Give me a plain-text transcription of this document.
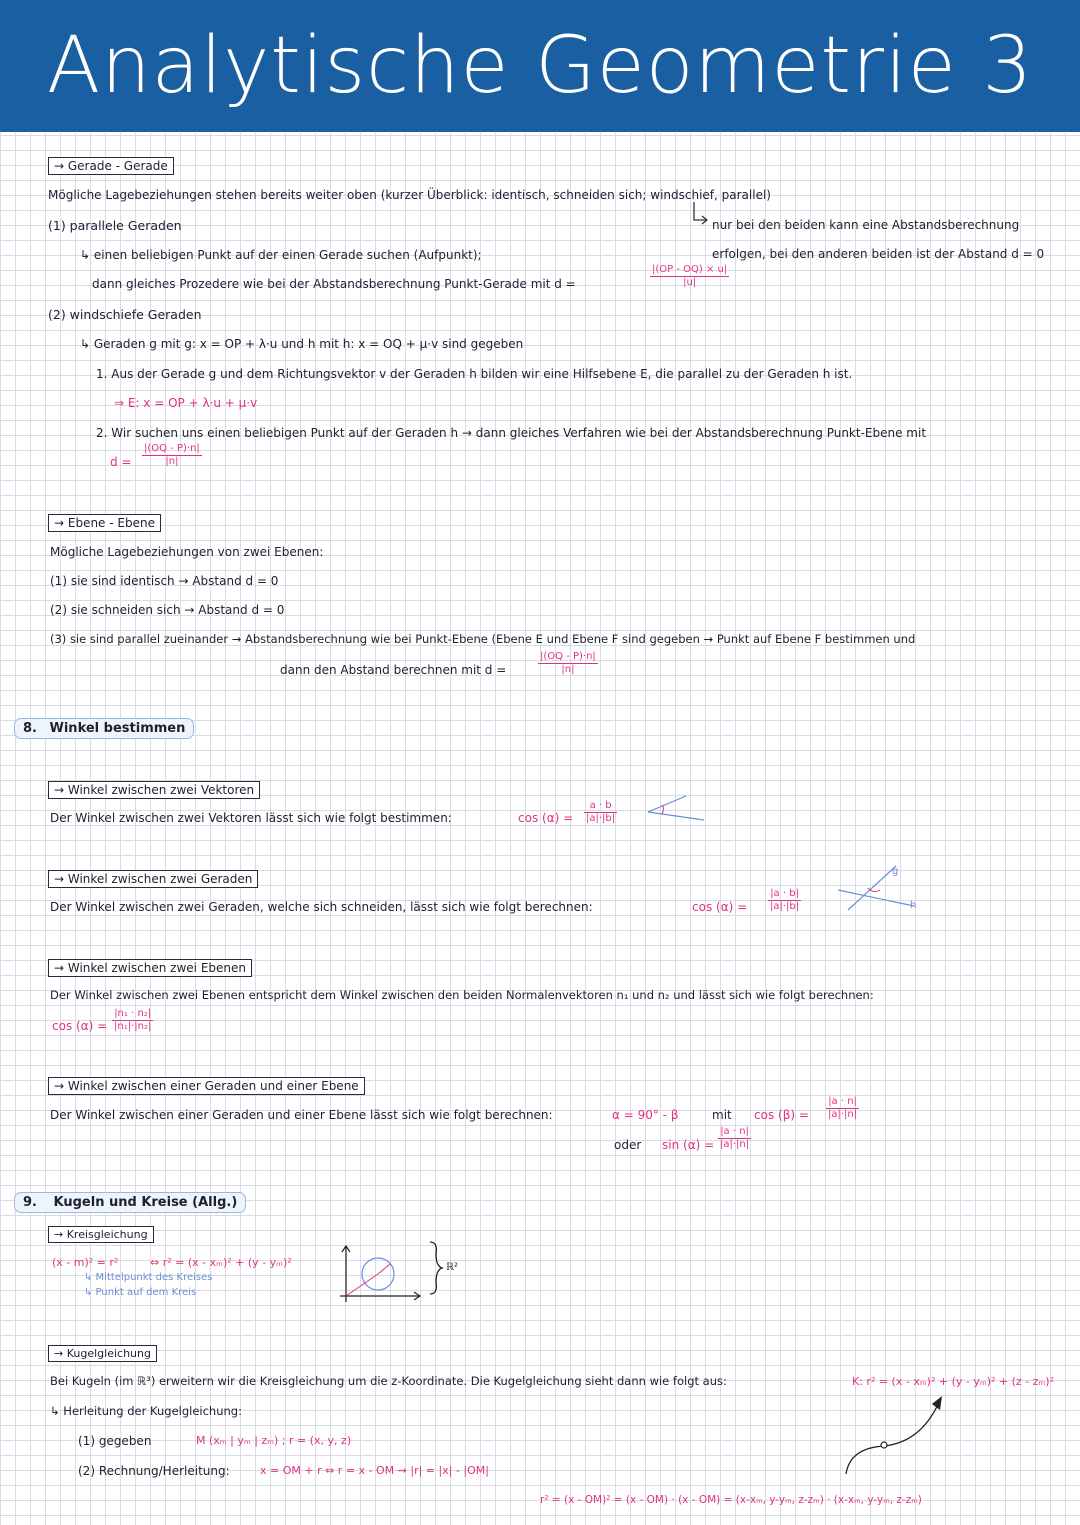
Analytische Geometrie 3
→ Gerade - Gerade
Mögliche Lagebeziehungen stehen bereits weiter oben (kurzer Überblick: identisch, schneiden sich; windschief, parallel)
nur bei den beiden kann eine Abstandsberechnung
erfolgen, bei den anderen beiden ist der Abstand d = 0
(1) parallele Geraden
↳ einen beliebigen Punkt auf der einen Gerade suchen (Aufpunkt);
dann gleiches Prozedere wie bei der Abstandsberechnung Punkt-Gerade mit d =	$\frac{|(OP - OQ) \times u|}{|u|}$
(2) windschiefe Geraden
↳ Geraden g mit g: x = OP + λ·u und h mit h: x = OQ + μ·v sind gegeben
1. Aus der Gerade g und dem Richtungsvektor v der Geraden h bilden wir eine Hilfsebene E, die parallel zu der Geraden h ist.
⇒ E: x = OP + λ·u + μ·v
2. Wir suchen uns einen beliebigen Punkt auf der Geraden h → dann gleiches Verfahren wie bei der Abstandsberechnung Punkt-Ebene mit
$d = \frac{|(OQ - P)\cdot n|}{|n|}$
→ Ebene - Ebene
Mögliche Lagebeziehungen von zwei Ebenen:
(1) sie sind identisch → Abstand d = 0
(2) sie schneiden sich → Abstand d = 0
(3) sie sind parallel zueinander → Abstandsberechnung wie bei Punkt-Ebene (Ebene E und Ebene F sind gegeben → Punkt auf Ebene F bestimmen und
dann den Abstand berechnen mit d =	$\frac{|(OQ - P)\cdot n|}{|n|}$
8. Winkel bestimmen
→ Winkel zwischen zwei Vektoren
Der Winkel zwischen zwei Vektoren lässt sich wie folgt bestimmen:	$\cos (\alpha) = \frac{a \cdot b}{|a|\cdot|b|}$
→ Winkel zwischen zwei Geraden
Der Winkel zwischen zwei Geraden, welche sich schneiden, lässt sich wie folgt berechnen:	$\cos (\alpha) = \frac{|a \cdot b|}{|a|\cdot|b|}$
g
h
→ Winkel zwischen zwei Ebenen
Der Winkel zwischen zwei Ebenen entspricht dem Winkel zwischen den beiden Normalenvektoren n₁ und n₂ und lässt sich wie folgt berechnen:
$\cos (\alpha) = \frac{\text{|n₁ · n₂|}}{\text{|n₁|·|n₂|}}$
→ Winkel zwischen einer Geraden und einer Ebene
Der Winkel zwischen einer Geraden und einer Ebene lässt sich wie folgt berechnen:	α = 90° - β	mit $\cos (\beta) = \frac{|a \cdot n|}{|a|\cdot|n|}$
oder $\sin (\alpha) = \frac{|a \cdot n|}{|a|\cdot|n|}$
9. Kugeln und Kreise (Allg.)
→ Kreisgleichung
(x - m)² = r²	⇔ r² = (x - xₘ)² + (y - yₘ)²
↳ Mittelpunkt des Kreises
↳ Punkt auf dem Kreis
ℝ²
→ Kugelgleichung
Bei Kugeln (im ℝ³) erweitern wir die Kreisgleichung um die z-Koordinate. Die Kugelgleichung sieht dann wie folgt aus:	K: r² = (x - xₘ)² + (y - yₘ)² + (z - zₘ)²
↳ Herleitung der Kugelgleichung:
(1) gegeben	M (xₘ | yₘ | zₘ) ; r = (x, y, z)
(2) Rechnung/Herleitung:	x = OM + r ⇔ r = x - OM ⇝ |r| = |x| - |OM|
r² = (x - OM)² = (x - OM) · (x - OM) = (x-xₘ, y-yₘ, z-zₘ) · (x-xₘ, y-yₘ, z-zₘ)
